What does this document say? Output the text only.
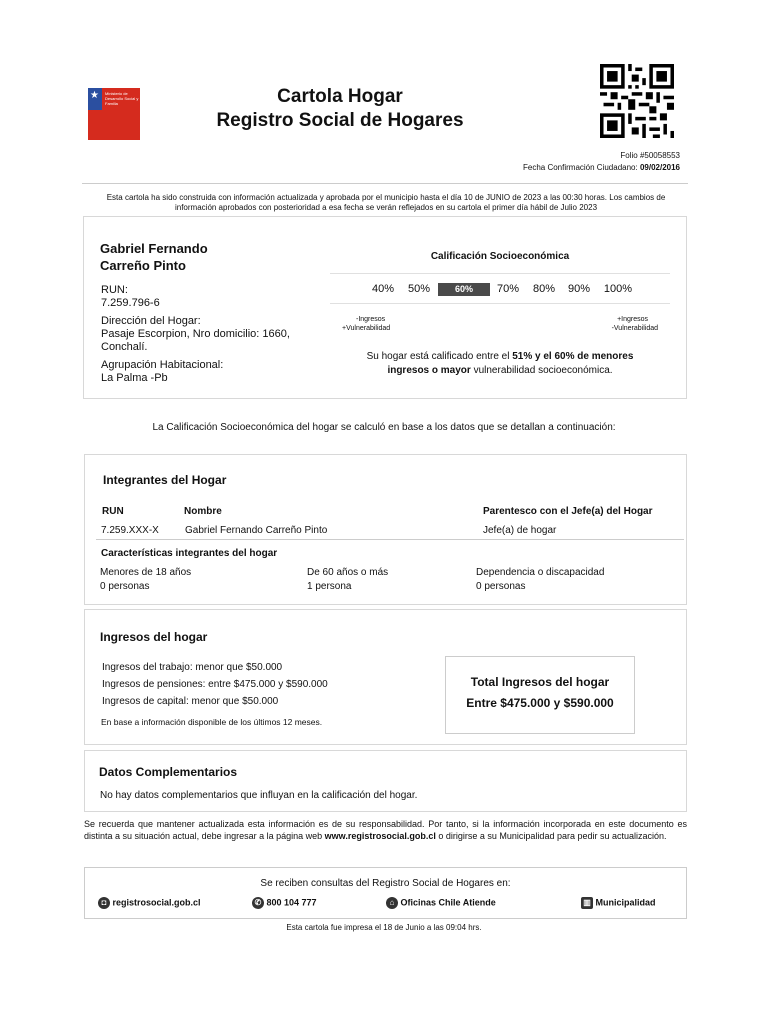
★ Ministerio de Desarrollo Social y Familia	Cartola Hogar
Registro Social de Hogares
Folio #50058553
Fecha Confirmación Ciudadano: 09/02/2016
Esta cartola ha sido construida con información actualizada y aprobada por el municipio hasta el día 10 de JUNIO de 2023 a las 00:30 horas. Los cambios de información aprobados con posterioridad a esa fecha se verán reflejados en su cartola el primer día hábil de Julio 2023
Gabriel Fernando
Carreño Pinto
RUN:
7.259.796-6
Dirección del Hogar:
Pasaje Escorpion, Nro domicilio: 1660, Conchalí.
Agrupación Habitacional:
La Palma -Pb
Calificación Socioeconómica
40%	50%	60%	70%	80%	90%	100%
-Ingresos
+Vulnerabilidad
+Ingresos
-Vulnerabilidad
Su hogar está calificado entre el 51% y el 60% de menores ingresos o mayor vulnerabilidad socioeconómica.
La Calificación Socioeconómica del hogar se calculó en base a los datos que se detallan a continuación:
Integrantes del Hogar
RUN	Nombre	Parentesco con el Jefe(a) del Hogar
7.259.XXX-X	Gabriel Fernando Carreño Pinto	Jefe(a) de hogar
Características integrantes del hogar
Menores de 18 años
0 personas
De 60 años o más
1 persona
Dependencia o discapacidad
0 personas
Ingresos del hogar
Ingresos del trabajo: menor que $50.000
Ingresos de pensiones: entre $475.000 y $590.000
Ingresos de capital: menor que $50.000
En base a información disponible de los últimos 12 meses.
Total Ingresos del hogar
Entre $475.000 y $590.000
Datos Complementarios
No hay datos complementarios que influyan en la calificación del hogar.
Se recuerda que mantener actualizada esta información es de su responsabilidad. Por tanto, si la información incorporada en este documento es distinta a su situación actual, debe ingresar a la página web www.registrosocial.gob.cl o dirigirse a su Municipalidad para pedir su actualización.
Se reciben consultas del Registro Social de Hogares en:
◘ registrosocial.gob.cl	✆ 800 104 777	⌂ Oficinas Chile Atiende	▥ Municipalidad
Esta cartola fue impresa el 18 de Junio a las 09:04 hrs.
